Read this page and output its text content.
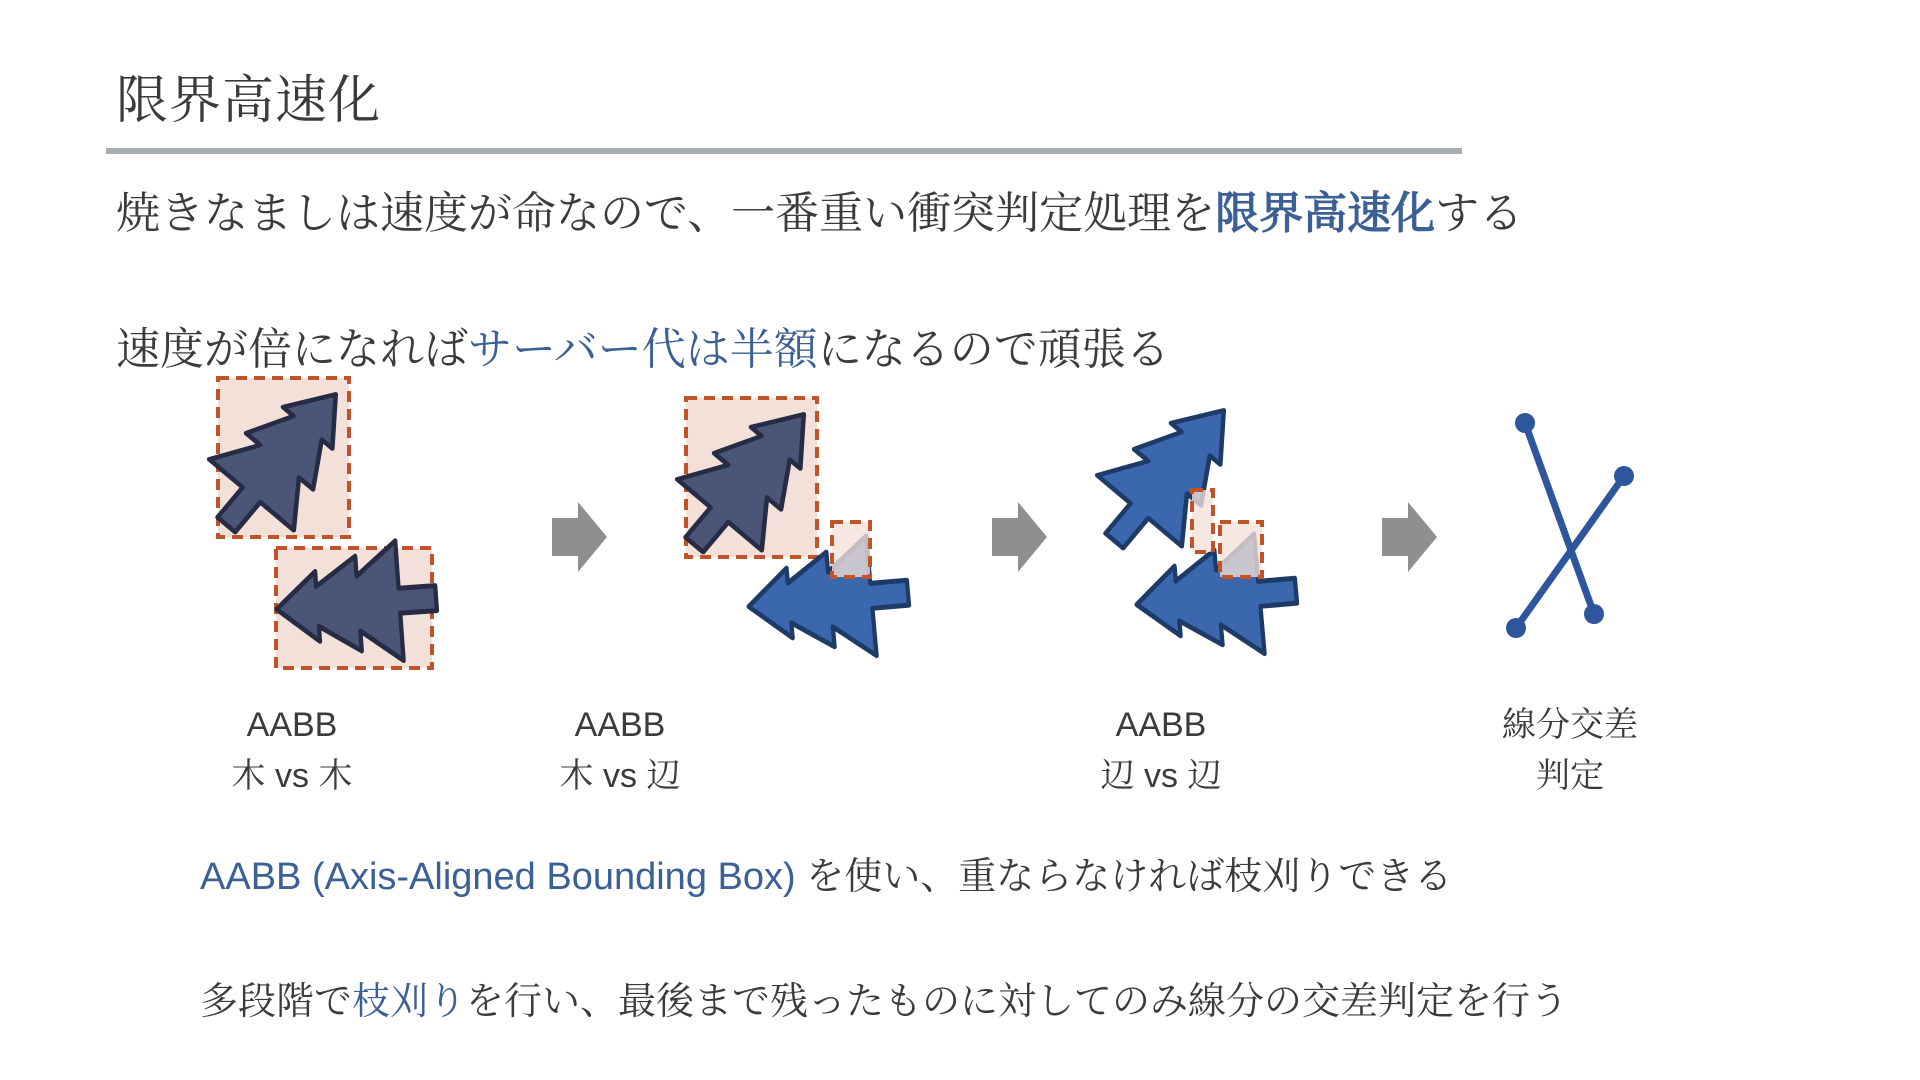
限界高速化
焼きなましは速度が命なので、一番重い衝突判定処理を限界高速化する

速度が倍になればサーバー代は半額になるので頑張る
AABB
木 vs 木
AABB
木 vs 辺
AABB
辺 vs 辺
線分交差
判定
AABB (Axis-Aligned Bounding Box) を使い、重ならなければ枝刈りできる

多段階で枝刈りを行い、最後まで残ったものに対してのみ線分の交差判定を行う
